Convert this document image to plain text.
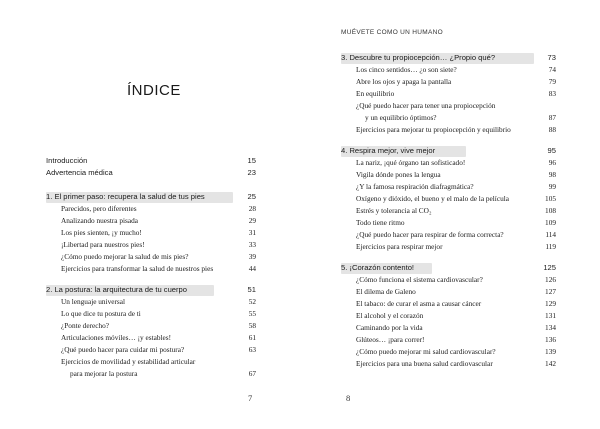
ÍNDICE
Introducción	15
Advertencia médica	23
1. El primer paso: recupera la salud de tus pies	25
Parecidos, pero diferentes	28
Analizando nuestra pisada	29
Los pies sienten, ¡y mucho!	31
¡Libertad para nuestros pies!	33
¿Cómo puedo mejorar la salud de mis pies?	39
Ejercicios para transformar la salud de nuestros pies	44
2. La postura: la arquitectura de tu cuerpo	51
Un lenguaje universal	52
Lo que dice tu postura de ti	55
¿Ponte derecho?	58
Articulaciones móviles… ¡y estables!	61
¿Qué puedo hacer para cuidar mi postura?	63
Ejercicios de movilidad y estabilidad articular
para mejorar la postura	67
7
MUÉVETE COMO UN HUMANO
3. Descubre tu propiocepción… ¿Propio qué?	73
Los cinco sentidos… ¿o son siete?	74
Abre los ojos y apaga la pantalla	79
En equilibrio	83
¿Qué puedo hacer para tener una propiocepción
y un equilibrio óptimos?	87
Ejercicios para mejorar tu propiocepción y equilibrio	88
4. Respira mejor, vive mejor	95
La nariz, ¡qué órgano tan sofisticado!	96
Vigila dónde pones la lengua	98
¿Y la famosa respiración diafragmática?	99
Oxígeno y dióxido, el bueno y el malo de la película	105
Estrés y tolerancia al CO₂	108
Todo tiene ritmo	109
¿Qué puedo hacer para respirar de forma correcta?	114
Ejercicios para respirar mejor	119
5. ¡Corazón contento!	125
¿Cómo funciona el sistema cardiovascular?	126
El dilema de Galeno	127
El tabaco: de curar el asma a causar cáncer	129
El alcohol y el corazón	131
Caminando por la vida	134
Glúteos… ¡para correr!	136
¿Cómo puedo mejorar mi salud cardiovascular?	139
Ejercicios para una buena salud cardiovascular	142
8
